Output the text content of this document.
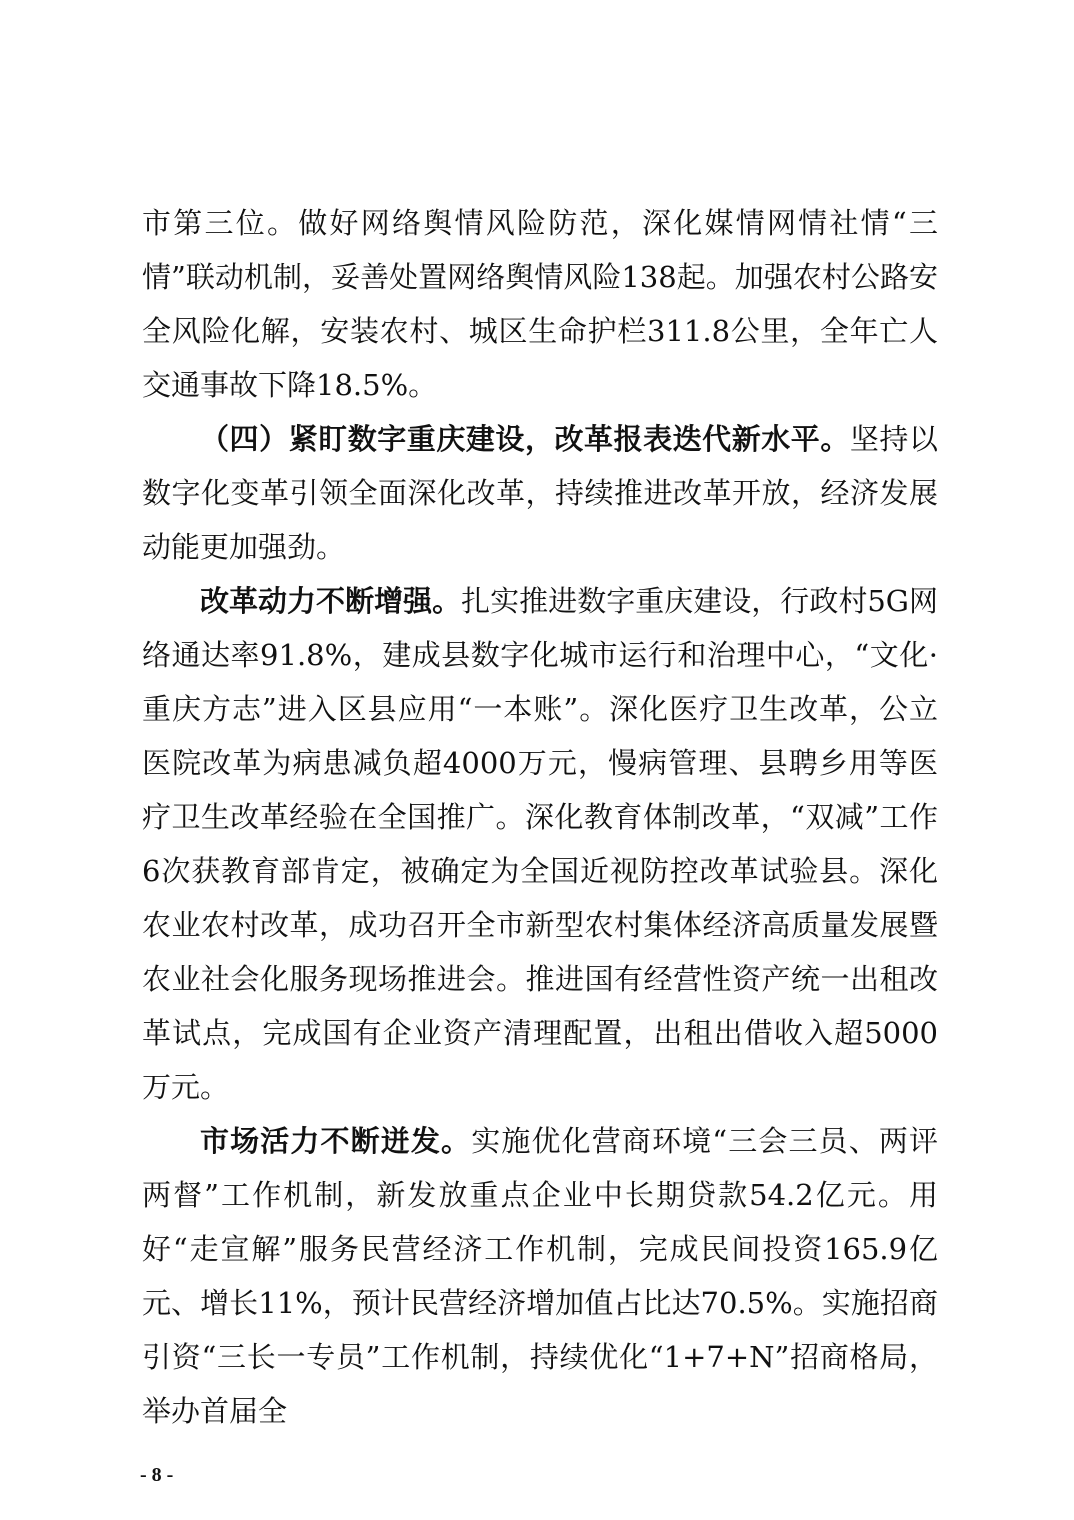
市第三位。做好网络舆情风险防范，深化媒情网情社情“三情”联动机制，妥善处置网络舆情风险138起。加强农村公路安全风险化解，安装农村、城区生命护栏311.8公里，全年亡人交通事故下降18.5%。

（四）紧盯数字重庆建设，改革报表迭代新水平。坚持以数字化变革引领全面深化改革，持续推进改革开放，经济发展动能更加强劲。

改革动力不断增强。扎实推进数字重庆建设，行政村5G网络通达率91.8%，建成县数字化城市运行和治理中心，“文化·重庆方志”进入区县应用“一本账”。深化医疗卫生改革，公立医院改革为病患减负超4000万元，慢病管理、县聘乡用等医疗卫生改革经验在全国推广。深化教育体制改革，“双减”工作6次获教育部肯定，被确定为全国近视防控改革试验县。深化农业农村改革，成功召开全市新型农村集体经济高质量发展暨农业社会化服务现场推进会。推进国有经营性资产统一出租改革试点，完成国有企业资产清理配置，出租出借收入超5000万元。

市场活力不断迸发。实施优化营商环境“三会三员、两评两督”工作机制，新发放重点企业中长期贷款54.2亿元。用好“走宣解”服务民营经济工作机制，完成民间投资165.9亿元、增长11%，预计民营经济增加值占比达70.5%。实施招商引资“三长一专员”工作机制，持续优化“1+7+N”招商格局，举办首届全

- 8 -
